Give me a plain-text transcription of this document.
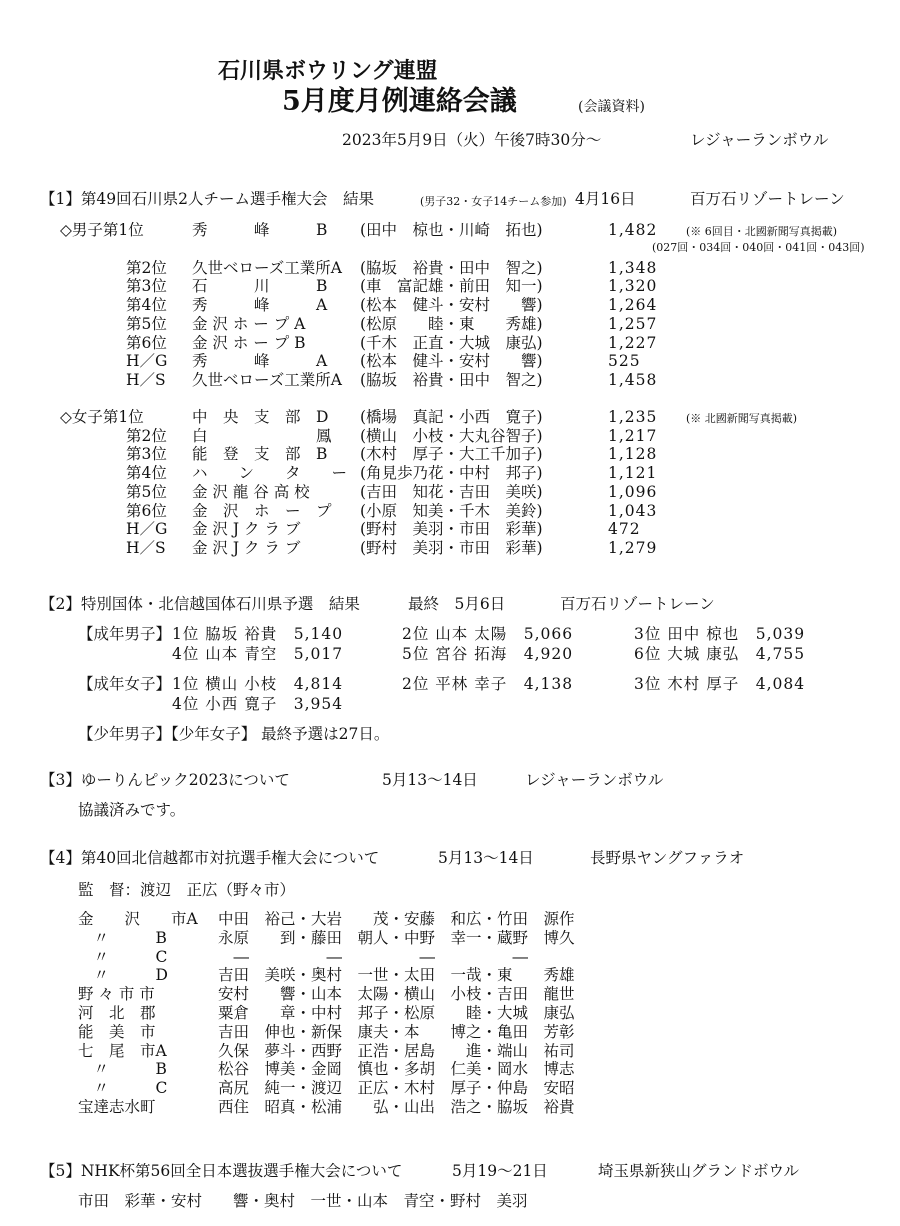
石川県ボウリング連盟
5月度月例連絡会議	(会議資料)
2023年5月9日（火）午後7時30分～	レジャーランボウル
【1】第49回石川県2人チーム選手権大会　結果	(男子32・女子14チーム参加) 4月16日	百万石リゾートレーン
◇男子第1位	秀　　　峰　　　B (田中　椋也・川崎　拓也)	1,482	(※ 6回目・北國新聞写真掲載)
第2位 久世ベローズ工業所A (脇坂　裕貴・田中　智之)	1,348
第3位 石　　　川　　　B (車　富記雄・前田　知一)	1,320
第4位 秀　　　峰　　　A (松本　健斗・安村　　響)	1,264
第5位 金 沢 ホ ー プ A	(松原　　睦・東　　秀雄)	1,257
第6位 金 沢 ホ ー プ B	(千木　正直・大城　康弘)	1,227
H／G 秀　　　峰　　　A (松本　健斗・安村　　響)	525
H／S 久世ベローズ工業所A (脇坂　裕貴・田中　智之)	1,458
(027回・034回・040回・041回・043回)
◇女子第1位	中　央　支　部　D (橋場　真記・小西　寛子)	1,235	(※ 北國新聞写真掲載)
第2位 白　　　　　　　鳳 (横山　小枝・大丸谷智子)	1,217
第3位 能　登　支　部　B (木村　厚子・大工千加子)	1,128
第4位 ハ　　ン　　タ　　ー (角見歩乃花・中村　邦子)	1,121
第5位 金 沢 龍 谷 高 校	(吉田　知花・吉田　美咲)	1,096
第6位 金　沢　ホ　ー　プ (小原　知美・千木　美鈴)	1,043
H／G 金 沢 J ク ラ ブ	(野村　美羽・市田　彩華)	472
H／S 金 沢 J ク ラ ブ	(野村　美羽・市田　彩華)	1,279
【2】特別国体・北信越国体石川県予選　結果	最終　5月6日	百万石リゾートレーン
【成年男子】 1位 脇坂 裕貴　5,140	2位 山本 太陽　5,066	3位 田中 椋也　5,039
4位 山本 青空　5,017	5位 宮谷 拓海　4,920	6位 大城 康弘　4,755
【成年女子】 1位 横山 小枝　4,814	2位 平林 幸子　4,138	3位 木村 厚子　4,084
4位 小西 寛子　3,954
【少年男子】【少年女子】 最終予選は27日。
【3】ゆーりんピック2023について	5月13～14日	レジャーランボウル
協議済みです。
【4】第40回北信越都市対抗選手権大会について	5月13～14日	長野県ヤングファラオ
監　督：渡辺　正広（野々市）
金　　沢　　市A 中田　裕己・大岩　　茂・安藤　和広・竹田　源作
　〃　　　B	永原　　到・藤田　朝人・中野　幸一・蔵野　博久
　〃　　　C	　―　　　　　―　　　　　―　　　　　―
　〃　　　D	吉田　美咲・奥村　一世・太田　一哉・東　　秀雄
野 々 市 市	安村　　響・山本　太陽・横山　小枝・吉田　龍世
河　北　郡	粟倉　　章・中村　邦子・松原　　睦・大城　康弘
能　美　市	吉田　伸也・新保　康夫・本　　博之・亀田　芳彰
七　尾　市A	久保　夢斗・西野　正浩・居島　　進・端山　祐司
　〃　　　B	松谷　博美・金岡　慎也・多胡　仁美・岡水　博志
　〃　　　C	高尻　純一・渡辺　正広・木村　厚子・仲島　安昭
宝達志水町	西住　昭真・松浦　　弘・山出　浩之・脇坂　裕貴
【5】NHK杯第56回全日本選抜選手権大会について	5月19～21日	埼玉県新狭山グランドボウル
市田　彩華・安村　　響・奥村　一世・山本　青空・野村　美羽
